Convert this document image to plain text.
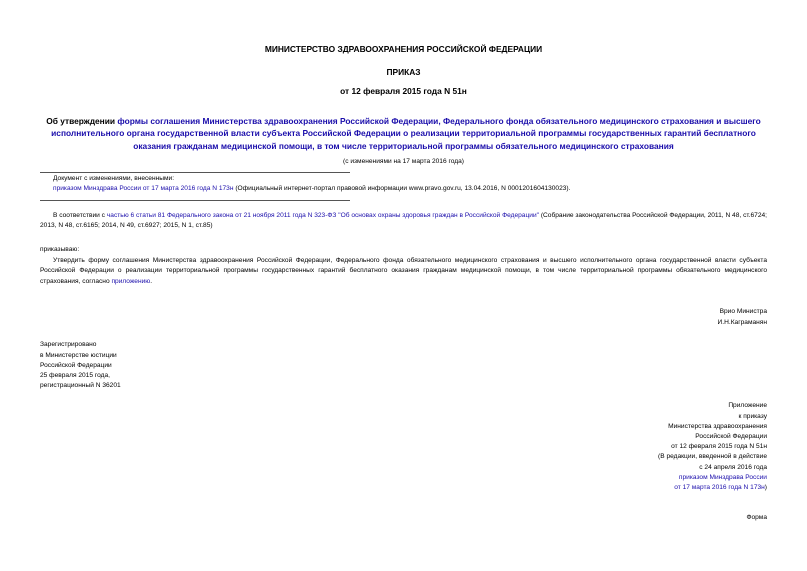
МИНИСТЕРСТВО ЗДРАВООХРАНЕНИЯ РОССИЙСКОЙ ФЕДЕРАЦИИ
ПРИКАЗ
от 12 февраля 2015 года N 51н
Об утверждении формы соглашения Министерства здравоохранения Российской Федерации, Федерального фонда обязательного медицинского страхования и высшего исполнительного органа государственной власти субъекта Российской Федерации о реализации территориальной программы государственных гарантий бесплатного оказания гражданам медицинской помощи, в том числе территориальной программы обязательного медицинского страхования
(с изменениями на 17 марта 2016 года)
Документ с изменениями, внесенными:
приказом Минздрава России от 17 марта 2016 года N 173н (Официальный интернет-портал правовой информации www.pravo.gov.ru, 13.04.2016, N 0001201604130023).
В соответствии с частью 6 статьи 81 Федерального закона от 21 ноября 2011 года N 323-ФЗ "Об основах охраны здоровья граждан в Российской Федерации" (Собрание законодательства Российской Федерации, 2011, N 48, ст.6724; 2013, N 48, ст.6165; 2014, N 49, ст.6927; 2015, N 1, ст.85)
приказываю:
Утвердить форму соглашения Министерства здравоохранения Российской Федерации, Федерального фонда обязательного медицинского страхования и высшего исполнительного органа государственной власти субъекта Российской Федерации о реализации территориальной программы государственных гарантий бесплатного оказания гражданам медицинской помощи, в том числе территориальной программы обязательного медицинского страхования, согласно приложению.
Врио Министра
И.Н.Каграманян
Зарегистрировано
в Министерстве юстиции
Российской Федерации
25 февраля 2015 года,
регистрационный N 36201
Приложение
к приказу
Министерства здравоохранения
Российской Федерации
от 12 февраля 2015 года N 51н
(В редакции, введенной в действие
с 24 апреля 2016 года
приказом Минздрава России
от 17 марта 2016 года N 173н)
Форма
